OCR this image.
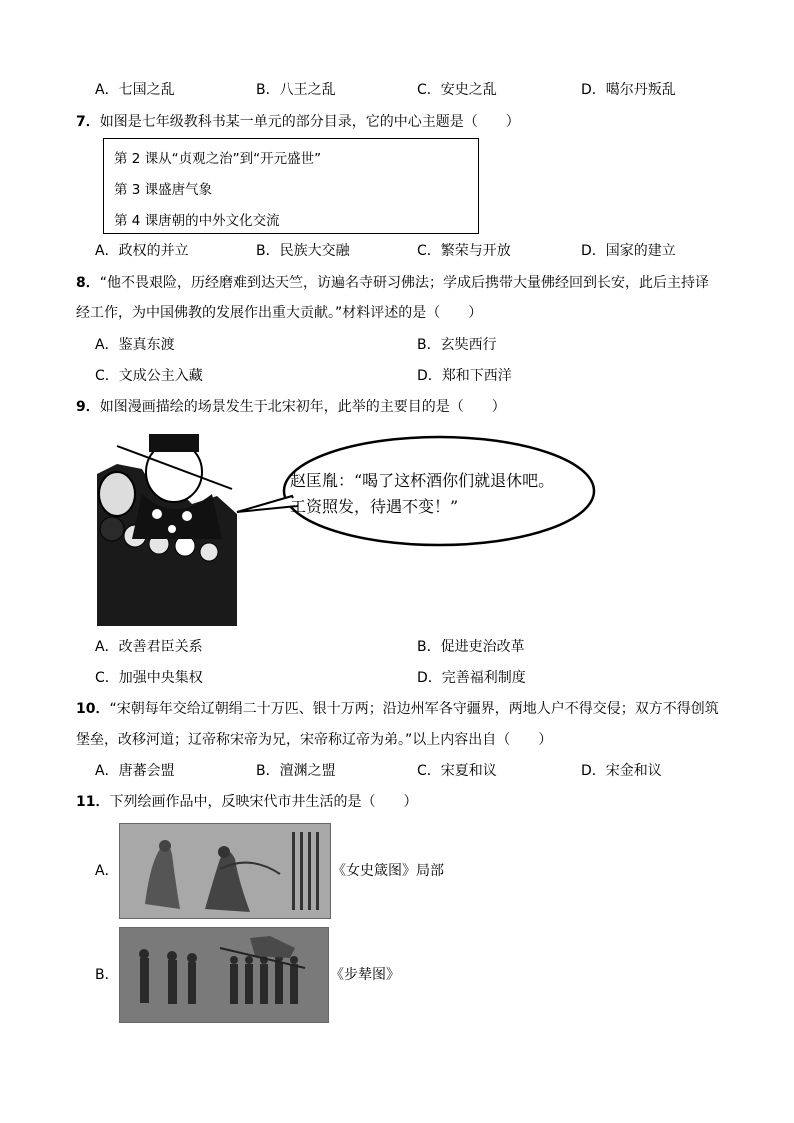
A．七国之乱	B．八王之乱	C．安史之乱	D．噶尔丹叛乱
7．如图是七年级教科书某一单元的部分目录，它的中心主题是（　　）
第 2 课从“贞观之治”到“开元盛世”
第 3 课盛唐气象
第 4 课唐朝的中外文化交流
A．政权的并立	B．民族大交融	C．繁荣与开放	D．国家的建立
8．“他不畏艰险，历经磨难到达天竺，访遍名寺研习佛法；学成后携带大量佛经回到长安，此后主持译
经工作，为中国佛教的发展作出重大贡献。”材料评述的是（　　）
A．鉴真东渡	B．玄奘西行
C．文成公主入藏	D．郑和下西洋
9．如图漫画描绘的场景发生于北宋初年，此举的主要目的是（　　）
赵匡胤：“喝了这杯酒你们就退休吧。
工资照发，待遇不变！”
A．改善君臣关系	B．促进吏治改革
C．加强中央集权	D．完善福利制度
10．“宋朝每年交给辽朝绢二十万匹、银十万两；沿边州军各守疆界，两地人户不得交侵；双方不得创筑
堡垒，改移河道；辽帝称宋帝为兄，宋帝称辽帝为弟。”以上内容出自（　　）
A．唐蕃会盟	B．澶渊之盟	C．宋夏和议	D．宋金和议
11．下列绘画作品中，反映宋代市井生活的是（　　）
A．	《女史箴图》局部
B．	《步辇图》
